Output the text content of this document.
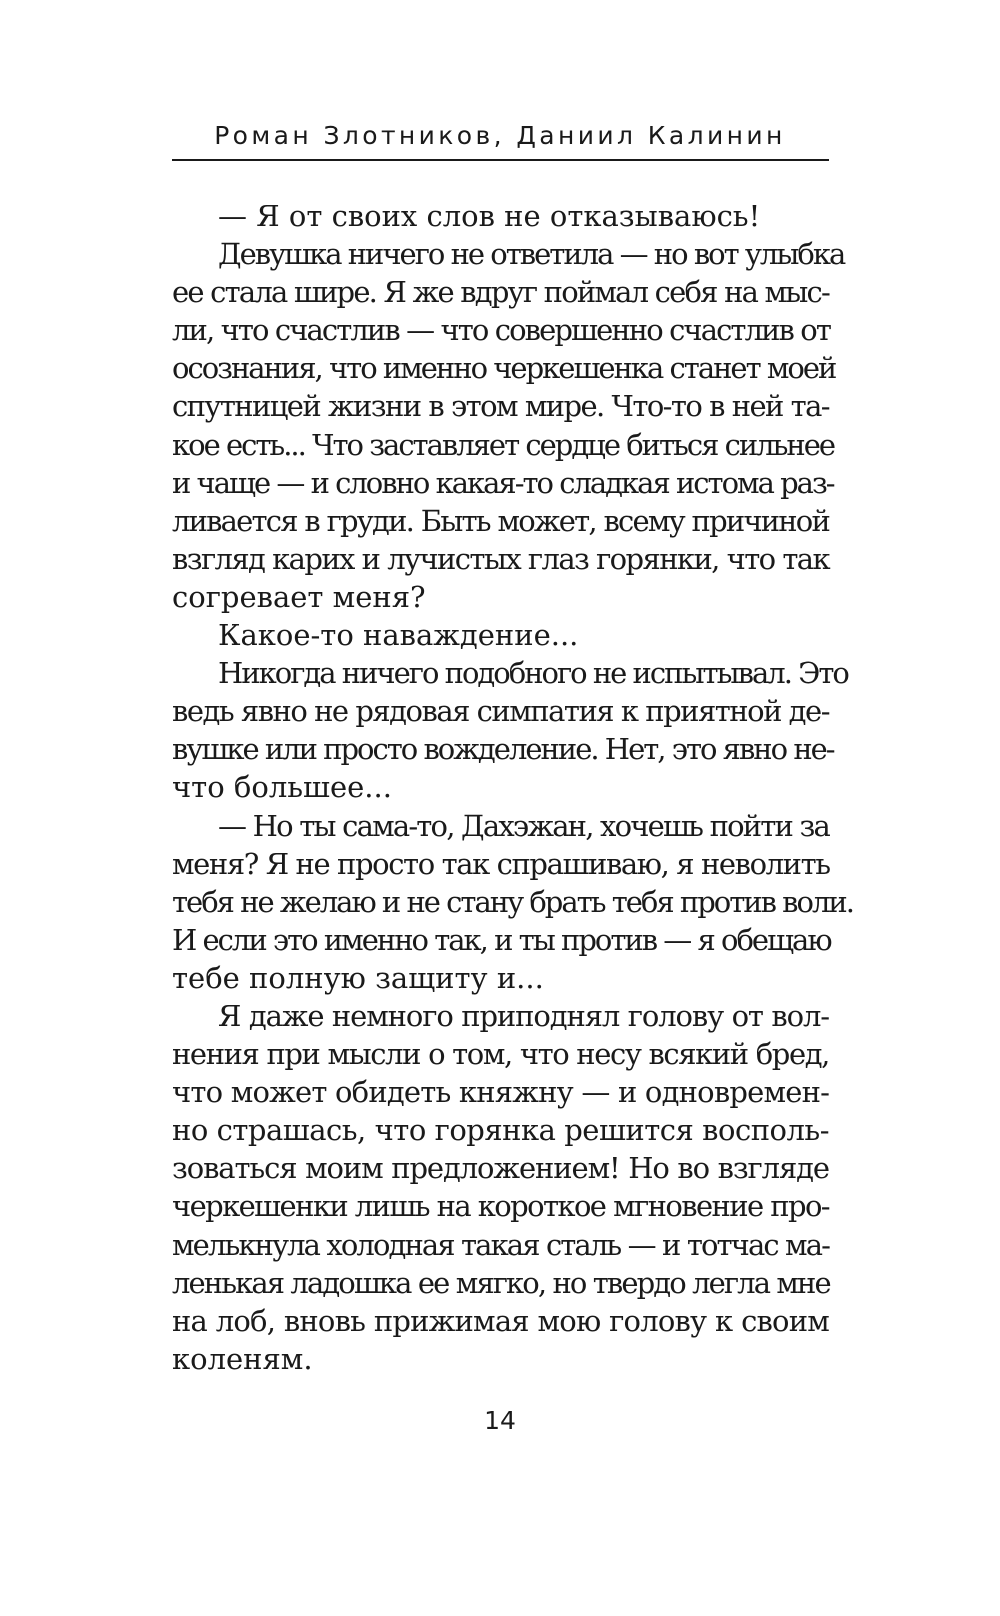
Роман Злотников, Даниил Калинин
— Я от своих слов не отказываюсь!
Девушка ничего не ответила — но вот улыбка
ее стала шире. Я же вдруг поймал себя на мыс-
ли, что счастлив — что совершенно счастлив от
осознания, что именно черкешенка станет моей
спутницей жизни в этом мире. Что-то в ней та-
кое есть... Что заставляет сердце биться сильнее
и чаще — и словно какая-то сладкая истома раз-
ливается в груди. Быть может, всему причиной
взгляд карих и лучистых глаз горянки, что так
согревает меня?
Какое-то наваждение...
Никогда ничего подобного не испытывал. Это
ведь явно не рядовая симпатия к приятной де-
вушке или просто вожделение. Нет, это явно не-
что большее...
— Но ты сама-то, Дахэжан, хочешь пойти за
меня? Я не просто так спрашиваю, я неволить
тебя не желаю и не стану брать тебя против воли.
И если это именно так, и ты против — я обещаю
тебе полную защиту и...
Я даже немного приподнял голову от вол-
нения при мысли о том, что несу всякий бред,
что может обидеть княжну — и одновремен-
но страшась, что горянка решится восполь-
зоваться моим предложением! Но во взгляде
черкешенки лишь на короткое мгновение про-
мелькнула холодная такая сталь — и тотчас ма-
ленькая ладошка ее мягко, но твердо легла мне
на лоб, вновь прижимая мою голову к своим
коленям.
14
